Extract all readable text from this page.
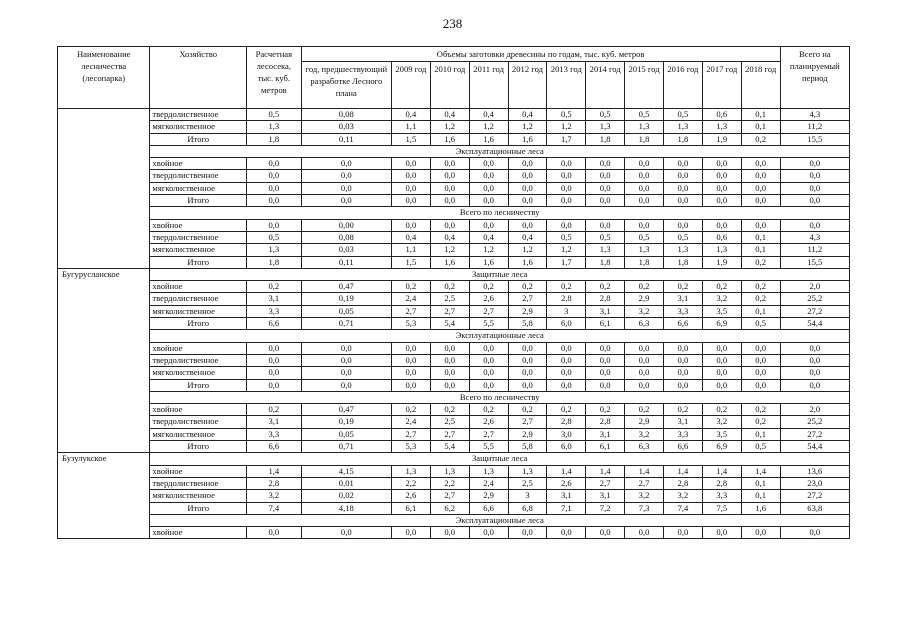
238
Наименование лесничества (лесопарка)	Хозяйство	Расчетная лесосека, тыс. куб. метров	Объемы заготовки древесины по годам, тыс. куб. метров											Всего на планируемый период
			год, предшествующий разработке Лесного плана	2009 год	2010 год	2011 год	2012 год	2013 год	2014 год	2015 год	2016 год	2017 год	2018 год	
	твердолиственное	0,5	0,08	0,4	0,4	0,4	0,4	0,5	0,5	0,5	0,5	0,6	0,1	4,3
	мягколиственное	1,3	0,03	1,1	1,2	1,2	1,2	1,2	1,3	1,3	1,3	1,3	0,1	11,2
	Итого	1,8	0,11	1,5	1,6	1,6	1,6	1,7	1,8	1,8	1,8	1,9	0,2	15,5
	Эксплуатационные леса													
	хвойное	0,0	0,0	0,0	0,0	0,0	0,0	0,0	0,0	0,0	0,0	0,0	0,0	0,0
	твердолиственное	0,0	0,0	0,0	0,0	0,0	0,0	0,0	0,0	0,0	0,0	0,0	0,0	0,0
	мягколиственное	0,0	0,0	0,0	0,0	0,0	0,0	0,0	0,0	0,0	0,0	0,0	0,0	0,0
	Итого	0,0	0,0	0,0	0,0	0,0	0,0	0,0	0,0	0,0	0,0	0,0	0,0	0,0
	Всего по лесничеству													
	хвойное	0,0	0,00	0,0	0,0	0,0	0,0	0,0	0,0	0,0	0,0	0,0	0,0	0,0
	твердолиственное	0,5	0,08	0,4	0,4	0,4	0,4	0,5	0,5	0,5	0,5	0,6	0,1	4,3
	мягколиственное	1,3	0,03	1,1	1,2	1,2	1,2	1,2	1,3	1,3	1,3	1,3	0,1	11,2
	Итого	1,8	0,11	1,5	1,6	1,6	1,6	1,7	1,8	1,8	1,8	1,9	0,2	15,5
Бугурусланское	Защитные леса													
	хвойное	0,2	0,47	0,2	0,2	0,2	0,2	0,2	0,2	0,2	0,2	0,2	0,2	2,0
	твердолиственное	3,1	0,19	2,4	2,5	2,6	2,7	2,8	2,8	2,9	3,1	3,2	0,2	25,2
	мягколиственное	3,3	0,05	2,7	2,7	2,7	2,9	3	3,1	3,2	3,3	3,5	0,1	27,2
	Итого	6,6	0,71	5,3	5,4	5,5	5,8	6,0	6,1	6,3	6,6	6,9	0,5	54,4
	Эксплуатационные леса													
	хвойное	0,0	0,0	0,0	0,0	0,0	0,0	0,0	0,0	0,0	0,0	0,0	0,0	0,0
	твердолиственное	0,0	0,0	0,0	0,0	0,0	0,0	0,0	0,0	0,0	0,0	0,0	0,0	0,0
	мягколиственное	0,0	0,0	0,0	0,0	0,0	0,0	0,0	0,0	0,0	0,0	0,0	0,0	0,0
	Итого	0,0	0,0	0,0	0,0	0,0	0,0	0,0	0,0	0,0	0,0	0,0	0,0	0,0
	Всего по лесничеству													
	хвойное	0,2	0,47	0,2	0,2	0,2	0,2	0,2	0,2	0,2	0,2	0,2	0,2	2,0
	твердолиственное	3,1	0,19	2,4	2,5	2,6	2,7	2,8	2,8	2,9	3,1	3,2	0,2	25,2
	мягколиственное	3,3	0,05	2,7	2,7	2,7	2,9	3,0	3,1	3,2	3,3	3,5	0,1	27,2
	Итого	6,6	0,71	5,3	5,4	5,5	5,8	6,0	6,1	6,3	6,6	6,9	0,5	54,4
Бузулукское	Защитные леса													
	хвойное	1,4	4,15	1,3	1,3	1,3	1,3	1,4	1,4	1,4	1,4	1,4	1,4	13,6
	твердолиственное	2,8	0,01	2,2	2,2	2,4	2,5	2,6	2,7	2,7	2,8	2,8	0,1	23,0
	мягколиственное	3,2	0,02	2,6	2,7	2,9	3	3,1	3,1	3,2	3,2	3,3	0,1	27,2
	Итого	7,4	4,18	6,1	6,2	6,6	6,8	7,1	7,2	7,3	7,4	7,5	1,6	63,8
	Эксплуатационные леса													
	хвойное	0,0	0,0	0,0	0,0	0,0	0,0	0,0	0,0	0,0	0,0	0,0	0,0	0,0
